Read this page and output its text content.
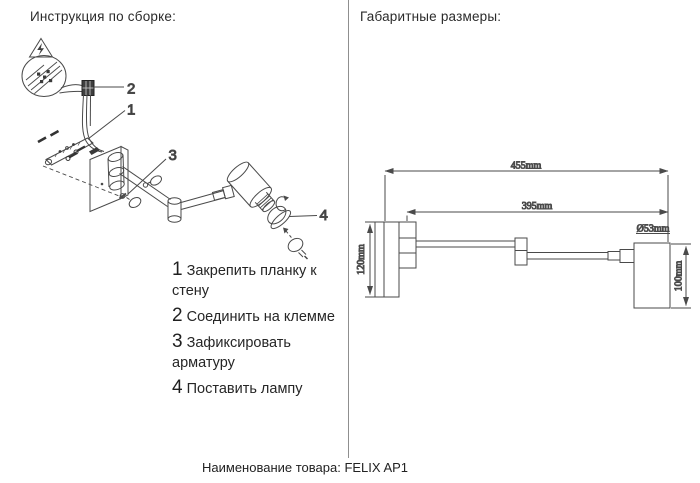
Инструкция по сборке:	Габаритные размеры:
2
1
3
4
455mm
395mm
120mm
Ø53mm
100mm

1 Закрепить планку к стену

2 Соединить на клемме

3 Зафиксировать арматуру

4 Поставить лампу

Наименование товара: FELIX AP1
